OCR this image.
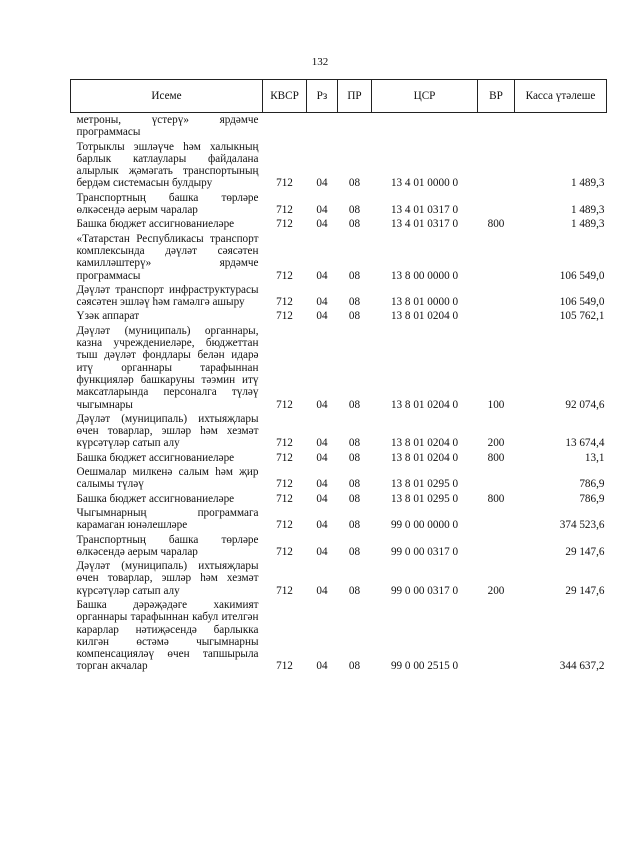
132
Исеме	КВСР	Рз	ПР	ЦСР	ВР	Касса үтәлеше
метроны, үстерү» ярдәмче программасы						
Тотрыклы эшләүче һәм халыкның барлык катлаулары файдалана алырлык җәмәгать транспортының бердәм системасын булдыру	712	04	08	13 4 01 0000 0		1 489,3
Транспортның башка төрләре өлкәсендә аерым чаралар	712	04	08	13 4 01 0317 0		1 489,3
Башка бюджет ассигнованиеләре	712	04	08	13 4 01 0317 0	800	1 489,3
«Татарстан Республикасы транспорт комплексында дәүләт сәясәтен камилләштерү» ярдәмче программасы	712	04	08	13 8 00 0000 0		106 549,0
Дәүләт транспорт инфраструктурасы сәясәтен эшләү һәм гамәлгә ашыру	712	04	08	13 8 01 0000 0		106 549,0
Үзәк аппарат	712	04	08	13 8 01 0204 0		105 762,1
Дәүләт (муниципаль) органнары, казна учреждениеләре, бюджеттан тыш дәүләт фондлары белән идарә итү органнары тарафыннан функцияләр башкаруны тәэмин итү максатларында персоналга түләү чыгымнары	712	04	08	13 8 01 0204 0	100	92 074,6
Дәүләт (муниципаль) ихтыяҗлары өчен товарлар, эшләр һәм хезмәт күрсәтүләр сатып алу	712	04	08	13 8 01 0204 0	200	13 674,4
Башка бюджет ассигнованиеләре	712	04	08	13 8 01 0204 0	800	13,1
Оешмалар милкенә салым һәм җир салымы түләү	712	04	08	13 8 01 0295 0		786,9
Башка бюджет ассигнованиеләре	712	04	08	13 8 01 0295 0	800	786,9
Чыгымнарның программага карамаган юнәлешләре	712	04	08	99 0 00 0000 0		374 523,6
Транспортның башка төрләре өлкәсендә аерым чаралар	712	04	08	99 0 00 0317 0		29 147,6
Дәүләт (муниципаль) ихтыяҗлары өчен товарлар, эшләр һәм хезмәт күрсәтүләр сатып алу	712	04	08	99 0 00 0317 0	200	29 147,6
Башка дәрәҗәдәге хакимият органнары тарафыннан кабул ителгән карарлар нәтиҗәсендә барлыкка килгән өстәмә чыгымнарны компенсацияләү өчен тапшырыла торган акчалар	712	04	08	99 0 00 2515 0		344 637,2
